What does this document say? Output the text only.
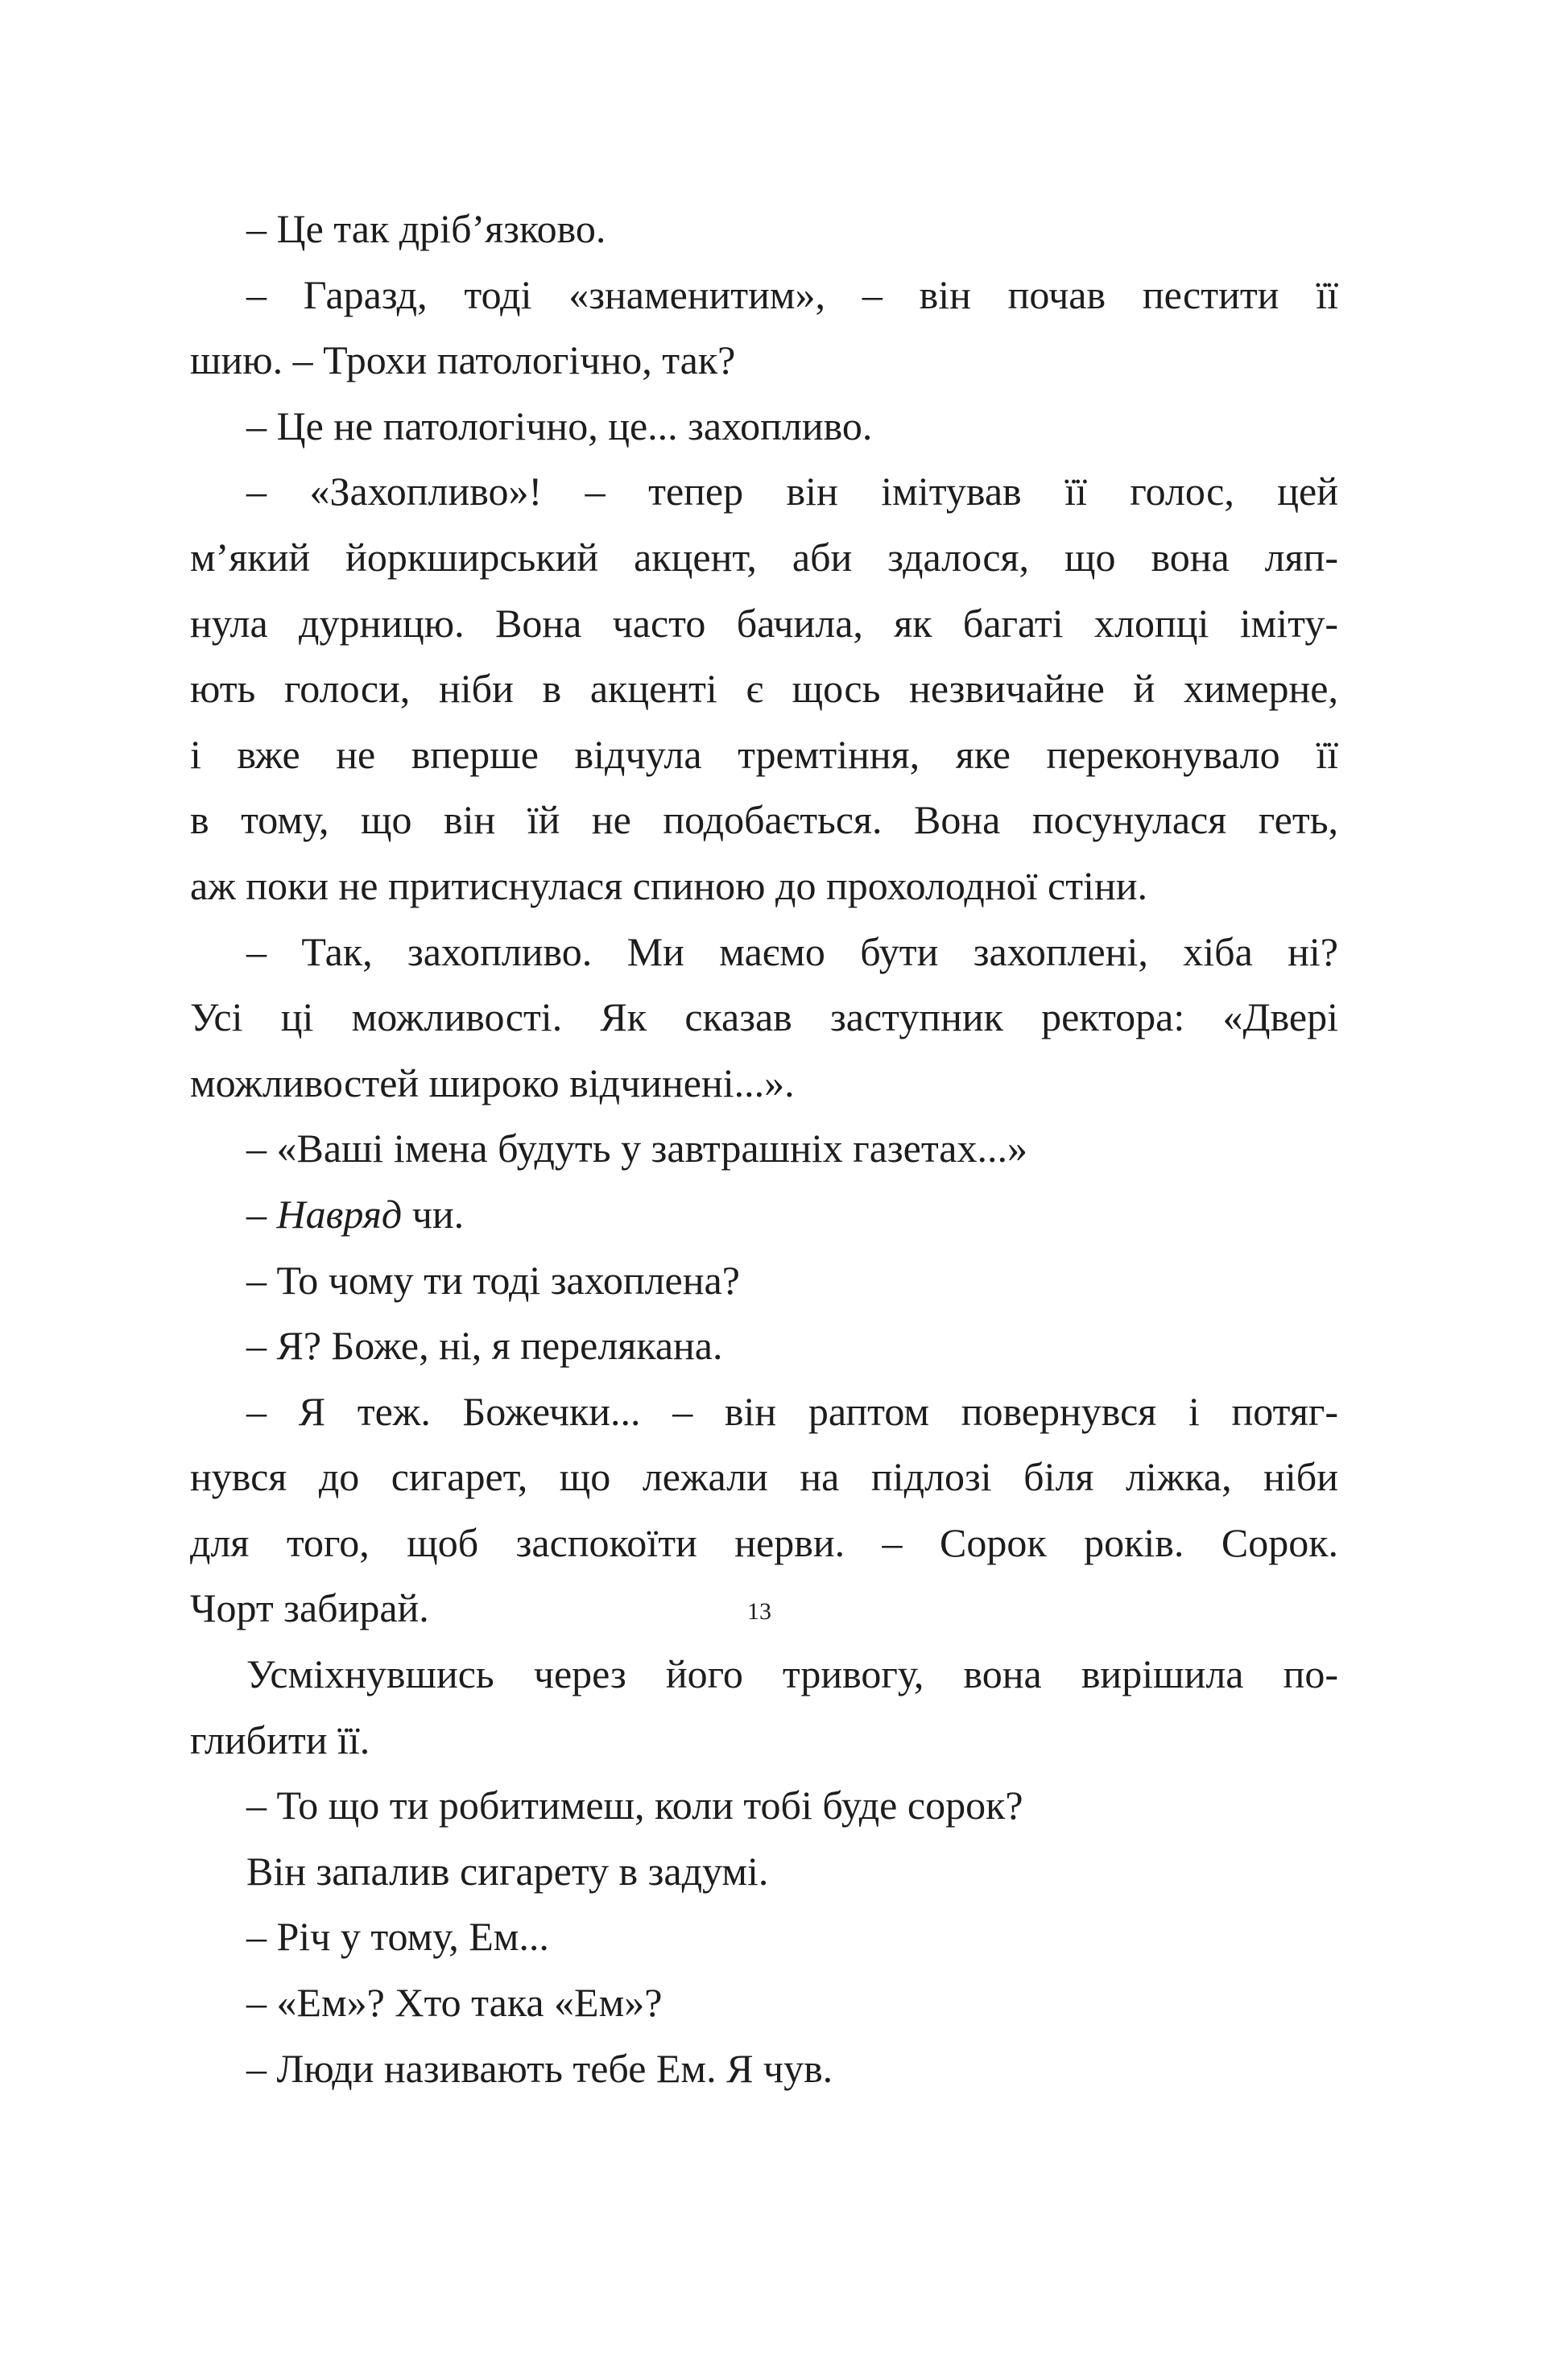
– Це так дріб’язково.
– Гаразд, тоді «знаменитим», – він почав пестити її
шию. – Трохи патологічно, так?
– Це не патологічно, це... захопливо.
– «Захопливо»! – тепер він імітував її голос, цей
м’який йоркширський акцент, аби здалося, що вона ляп-
нула дурницю. Вона часто бачила, як багаті хлопці іміту-
ють голоси, ніби в акценті є щось незвичайне й химерне,
і вже не вперше відчула тремтіння, яке переконувало її
в тому, що він їй не подобається. Вона посунулася геть,
аж поки не притиснулася спиною до прохолодної стіни.
– Так, захопливо. Ми маємо бути захоплені, хіба ні?
Усі ці можливості. Як сказав заступник ректора: «Двері
можливостей широко відчинені...».
– «Ваші імена будуть у завтрашніх газетах...»
– Навряд чи.
– То чому ти тоді захоплена?
– Я? Боже, ні, я перелякана.
– Я теж. Божечки... – він раптом повернувся і потяг-
нувся до сигарет, що лежали на підлозі біля ліжка, ніби
для того, щоб заспокоїти нерви. – Сорок років. Сорок.
Чорт забирай.
Усміхнувшись через його тривогу, вона вирішила по-
глибити її.
– То що ти робитимеш, коли тобі буде сорок?
Він запалив сигарету в задумі.
– Річ у тому, Ем...
– «Ем»? Хто така «Ем»?
– Люди називають тебе Ем. Я чув.
13
